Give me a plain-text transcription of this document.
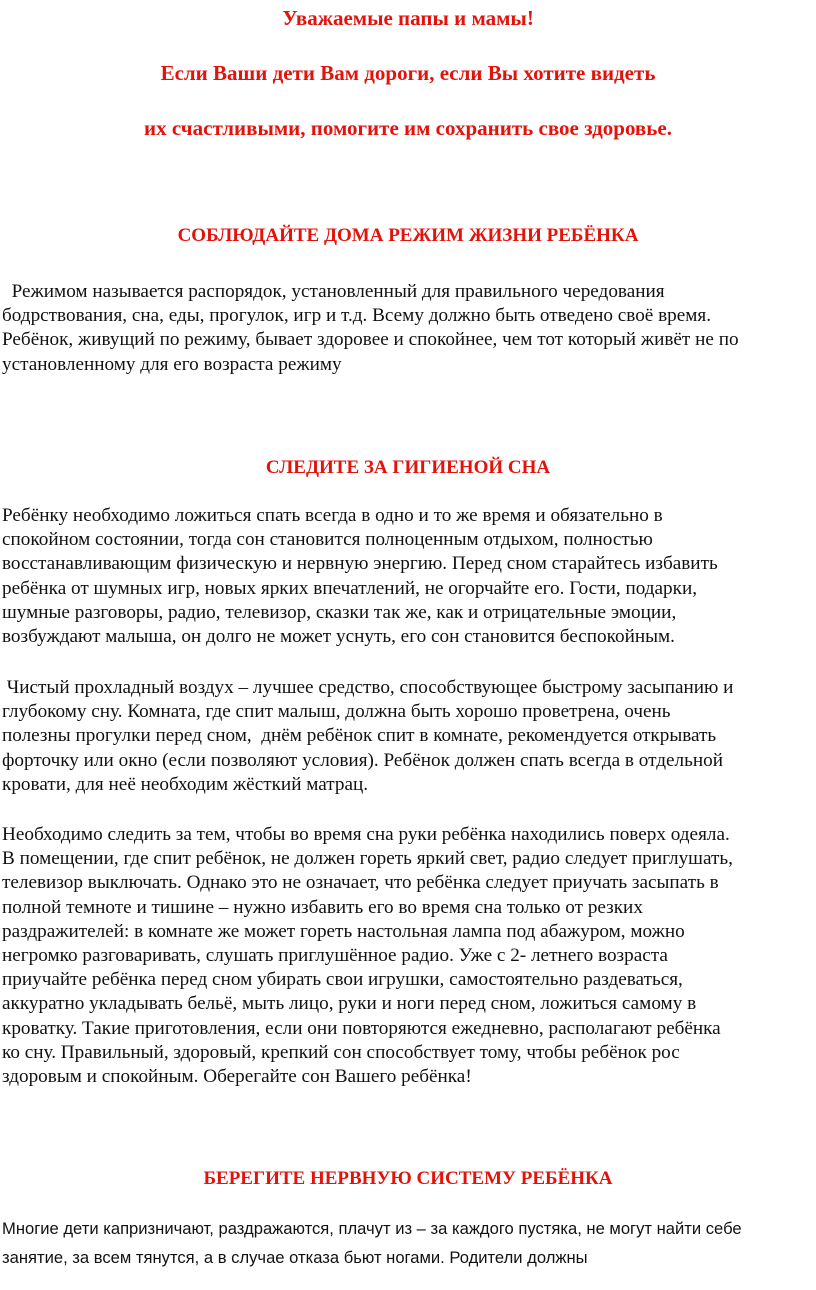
Уважаемые папы и мамы!
Если Ваши дети Вам дороги, если Вы хотите видеть
их счастливыми, помогите им сохранить свое здоровье.
СОБЛЮДАЙТЕ ДОМА РЕЖИМ ЖИЗНИ РЕБЁНКА

Режимом называется распорядок, установленный для правильного чередования
бодрствования, сна, еды, прогулок, игр и т.д. Всему должно быть отведено своё время.
Ребёнок, живущий по режиму, бывает здоровее и спокойнее, чем тот который живёт не по
установленному для его возраста режиму

СЛЕДИТЕ ЗА ГИГИЕНОЙ СНА

Ребёнку необходимо ложиться спать всегда в одно и то же время и обязательно в
спокойном состоянии, тогда сон становится полноценным отдыхом, полностью
восстанавливающим физическую и нервную энергию. Перед сном старайтесь избавить
ребёнка от шумных игр, новых ярких впечатлений, не огорчайте его. Гости, подарки,
шумные разговоры, радио, телевизор, сказки так же, как и отрицательные эмоции,
возбуждают малыша, он долго не может уснуть, его сон становится беспокойным.

Чистый прохладный воздух – лучшее средство, способствующее быстрому засыпанию и
глубокому сну. Комната, где спит малыш, должна быть хорошо проветрена, очень
полезны прогулки перед сном,  днём ребёнок спит в комнате, рекомендуется открывать
форточку или окно (если позволяют условия). Ребёнок должен спать всегда в отдельной
кровати, для неё необходим жёсткий матрац.

Необходимо следить за тем, чтобы во время сна руки ребёнка находились поверх одеяла.
В помещении, где спит ребёнок, не должен гореть яркий свет, радио следует приглушать,
телевизор выключать. Однако это не означает, что ребёнка следует приучать засыпать в
полной темноте и тишине – нужно избавить его во время сна только от резких
раздражителей: в комнате же может гореть настольная лампа под абажуром, можно
негромко разговаривать, слушать приглушённое радио. Уже с 2- летнего возраста
приучайте ребёнка перед сном убирать свои игрушки, самостоятельно раздеваться,
аккуратно укладывать бельё, мыть лицо, руки и ноги перед сном, ложиться самому в
кроватку. Такие приготовления, если они повторяются ежедневно, располагают ребёнка
ко сну. Правильный, здоровый, крепкий сон способствует тому, чтобы ребёнок рос
здоровым и спокойным. Оберегайте сон Вашего ребёнка!

БЕРЕГИТЕ НЕРВНУЮ СИСТЕМУ РЕБЁНКА

Многие дети капризничают, раздражаются, плачут из – за каждого пустяка, не могут найти себе
занятие, за всем тянутся, а в случае отказа бьют ногами. Родители должны
